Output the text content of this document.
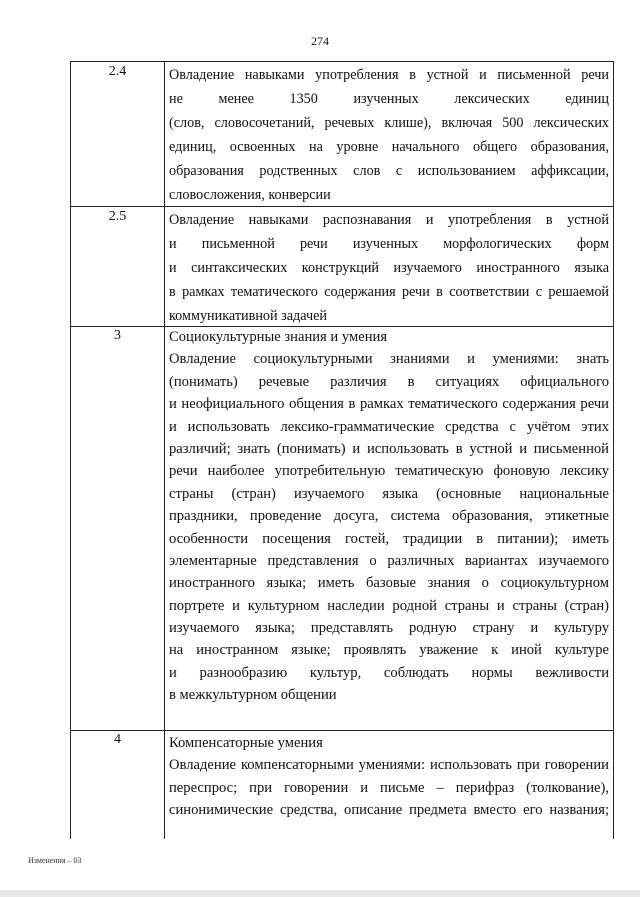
274
2.4	Овладение навыками употребления в устной и письменной речи
не менее 1350 изученных лексических единиц
(слов, словосочетаний, речевых клише), включая 500 лексических
единиц, освоенных на уровне начального общего образования,
образования родственных слов с использованием аффиксации,
словосложения, конверсии
2.5	Овладение навыками распознавания и употребления в устной
и письменной речи изученных морфологических форм
и синтаксических конструкций изучаемого иностранного языка
в рамках тематического содержания речи в соответствии с решаемой
коммуникативной задачей
3	Социокультурные знания и умения
Овладение социокультурными знаниями и умениями: знать
(понимать) речевые различия в ситуациях официального
и неофициального общения в рамках тематического содержания речи
и использовать лексико-грамматические средства с учётом этих
различий; знать (понимать) и использовать в устной и письменной
речи наиболее употребительную тематическую фоновую лексику
страны (стран) изучаемого языка (основные национальные
праздники, проведение досуга, система образования, этикетные
особенности посещения гостей, традиции в питании); иметь
элементарные представления о различных вариантах изучаемого
иностранного языка; иметь базовые знания о социокультурном
портрете и культурном наследии родной страны и страны (стран)
изучаемого языка; представлять родную страну и культуру
на иностранном языке; проявлять уважение к иной культуре
и разнообразию культур, соблюдать нормы вежливости
в межкультурном общении
4	Компенсаторные умения
Овладение компенсаторными умениями: использовать при говорении
переспрос; при говорении и письме – перифраз (толкование),
синонимические средства, описание предмета вместо его названия;
Изменения – 03
